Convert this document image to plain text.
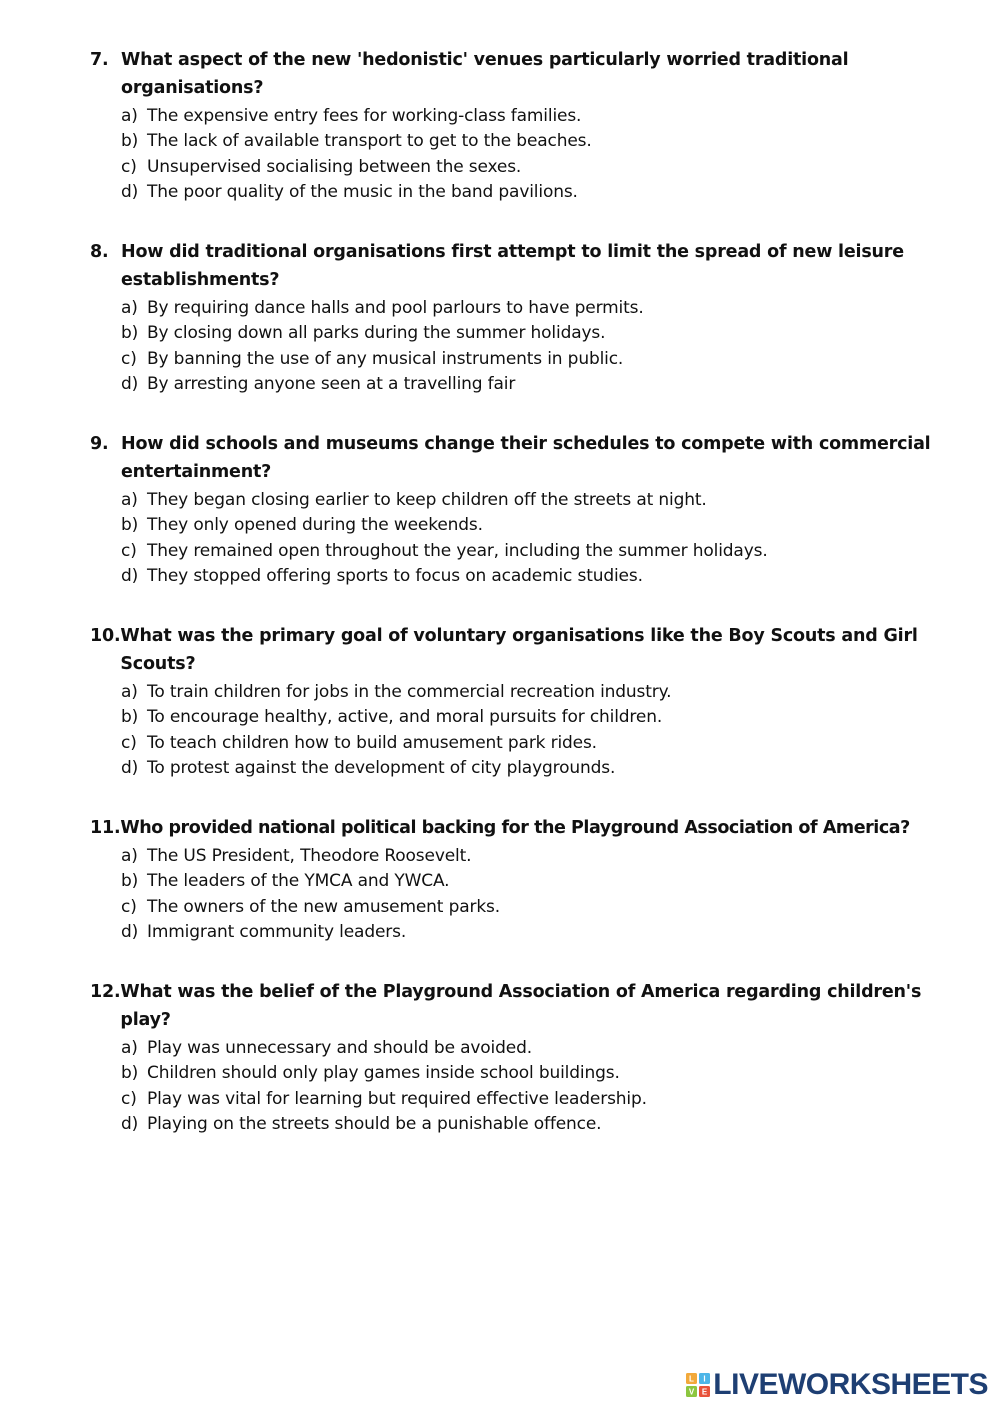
7. What aspect of the new 'hedonistic' venues particularly worried traditional organisations?
a) The expensive entry fees for working-class families.
b) The lack of available transport to get to the beaches.
c) Unsupervised socialising between the sexes.
d) The poor quality of the music in the band pavilions.
8. How did traditional organisations first attempt to limit the spread of new leisure establishments?
a) By requiring dance halls and pool parlours to have permits.
b) By closing down all parks during the summer holidays.
c) By banning the use of any musical instruments in public.
d) By arresting anyone seen at a travelling fair
9. How did schools and museums change their schedules to compete with commercial entertainment?
a) They began closing earlier to keep children off the streets at night.
b) They only opened during the weekends.
c) They remained open throughout the year, including the summer holidays.
d) They stopped offering sports to focus on academic studies.
10. What was the primary goal of voluntary organisations like the Boy Scouts and Girl Scouts?
a) To train children for jobs in the commercial recreation industry.
b) To encourage healthy, active, and moral pursuits for children.
c) To teach children how to build amusement park rides.
d) To protest against the development of city playgrounds.
11. Who provided national political backing for the Playground Association of America?
a) The US President, Theodore Roosevelt.
b) The leaders of the YMCA and YWCA.
c) The owners of the new amusement parks.
d) Immigrant community leaders.
12. What was the belief of the Playground Association of America regarding children's play?
a) Play was unnecessary and should be avoided.
b) Children should only play games inside school buildings.
c) Play was vital for learning but required effective leadership.
d) Playing on the streets should be a punishable offence.
L I
V E LIVEWORKSHEETS
